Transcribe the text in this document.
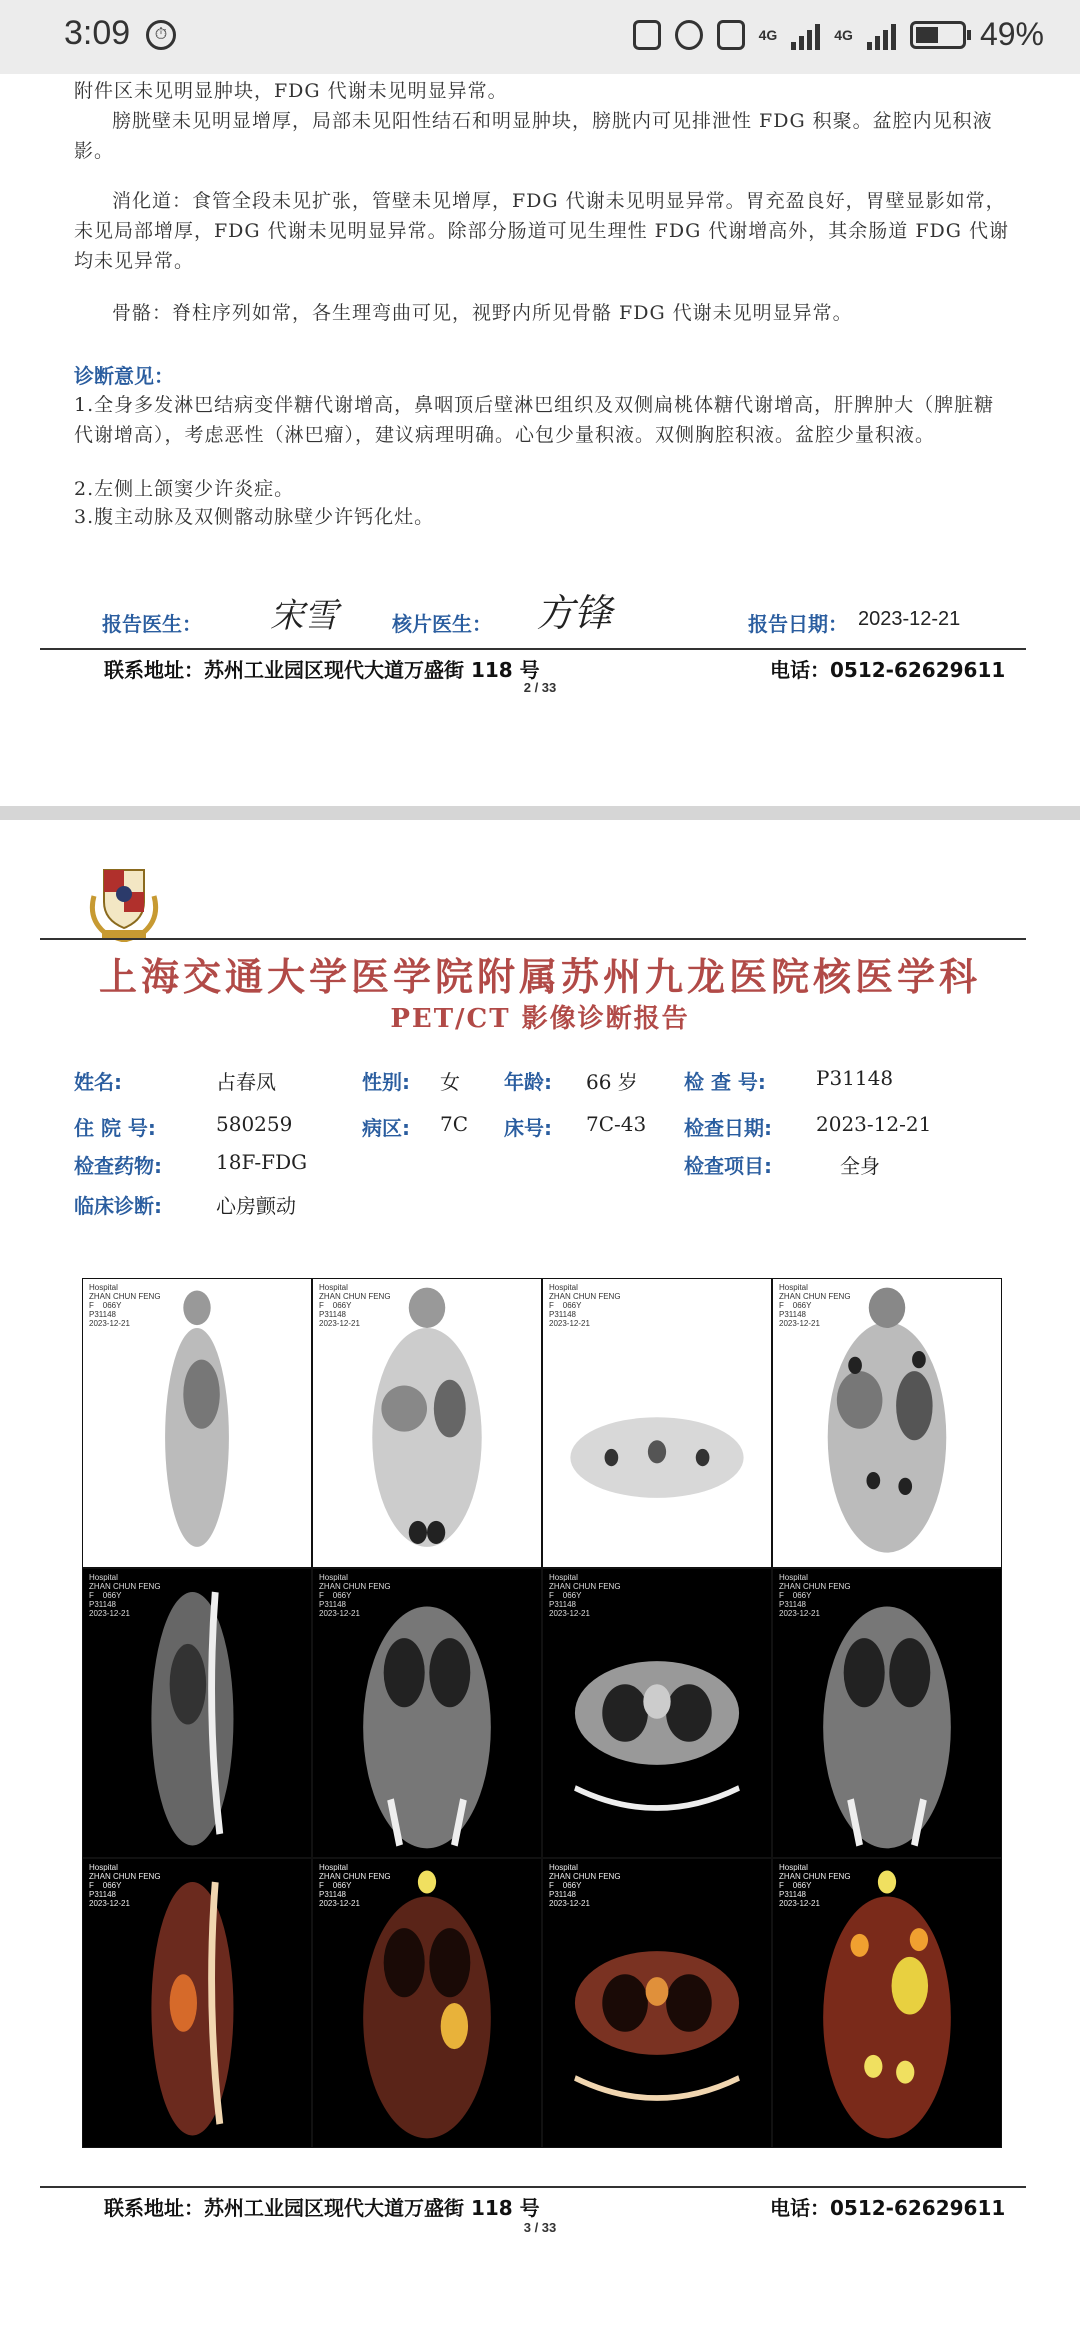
3:09	⏱	4G	4G	49%
附件区未见明显肿块，FDG 代谢未见明显异常。
膀胱壁未见明显增厚，局部未见阳性结石和明显肿块，膀胱内可见排泄性 FDG 积聚。盆腔内见积液影。
消化道：食管全段未见扩张，管壁未见增厚，FDG 代谢未见明显异常。胃充盈良好，胃壁显影如常，未见局部增厚，FDG 代谢未见明显异常。除部分肠道可见生理性 FDG 代谢增高外，其余肠道 FDG 代谢均未见异常。
骨骼：脊柱序列如常，各生理弯曲可见，视野内所见骨骼 FDG 代谢未见明显异常。
诊断意见：
1.全身多发淋巴结病变伴糖代谢增高，鼻咽顶后壁淋巴组织及双侧扁桃体糖代谢增高，肝脾肿大（脾脏糖代谢增高），考虑恶性（淋巴瘤），建议病理明确。心包少量积液。双侧胸腔积液。盆腔少量积液。
2.左侧上颌窦少许炎症。
3.腹主动脉及双侧髂动脉壁少许钙化灶。
报告医生： 宋雪	核片医生： 方锋	报告日期： 2023-12-21
联系地址：苏州工业园区现代大道万盛街 118 号	电话：0512-62629611
2 / 33
上海交通大学医学院附属苏州九龙医院核医学科
PET/CT 影像诊断报告
姓名:	占春凤	性别: 女 年龄: 66 岁 检 查 号:	P31148
住 院 号:	580259	病区: 7C 床号: 7C-43 检查日期: 2023-12-21
检查药物:	18F-FDG	检查项目:	全身
临床诊断:	心房颤动
联系地址：苏州工业园区现代大道万盛街 118 号	电话：0512-62629611
3 / 33
Hospital
ZHAN CHUN FENG
F    066Y
P31148
2023-12-21
Hospital
ZHAN CHUN FENG
F    066Y
P31148
2023-12-21
Hospital
ZHAN CHUN FENG
F    066Y
P31148
2023-12-21
Hospital
ZHAN CHUN FENG
F    066Y
P31148
2023-12-21
Hospital
ZHAN CHUN FENG
F    066Y
P31148
2023-12-21
Hospital
ZHAN CHUN FENG
F    066Y
P31148
2023-12-21
Hospital
ZHAN CHUN FENG
F    066Y
P31148
2023-12-21
Hospital
ZHAN CHUN FENG
F    066Y
P31148
2023-12-21
Hospital
ZHAN CHUN FENG
F    066Y
P31148
2023-12-21
Hospital
ZHAN CHUN FENG
F    066Y
P31148
2023-12-21
Hospital
ZHAN CHUN FENG
F    066Y
P31148
2023-12-21
Hospital
ZHAN CHUN FENG
F    066Y
P31148
2023-12-21
